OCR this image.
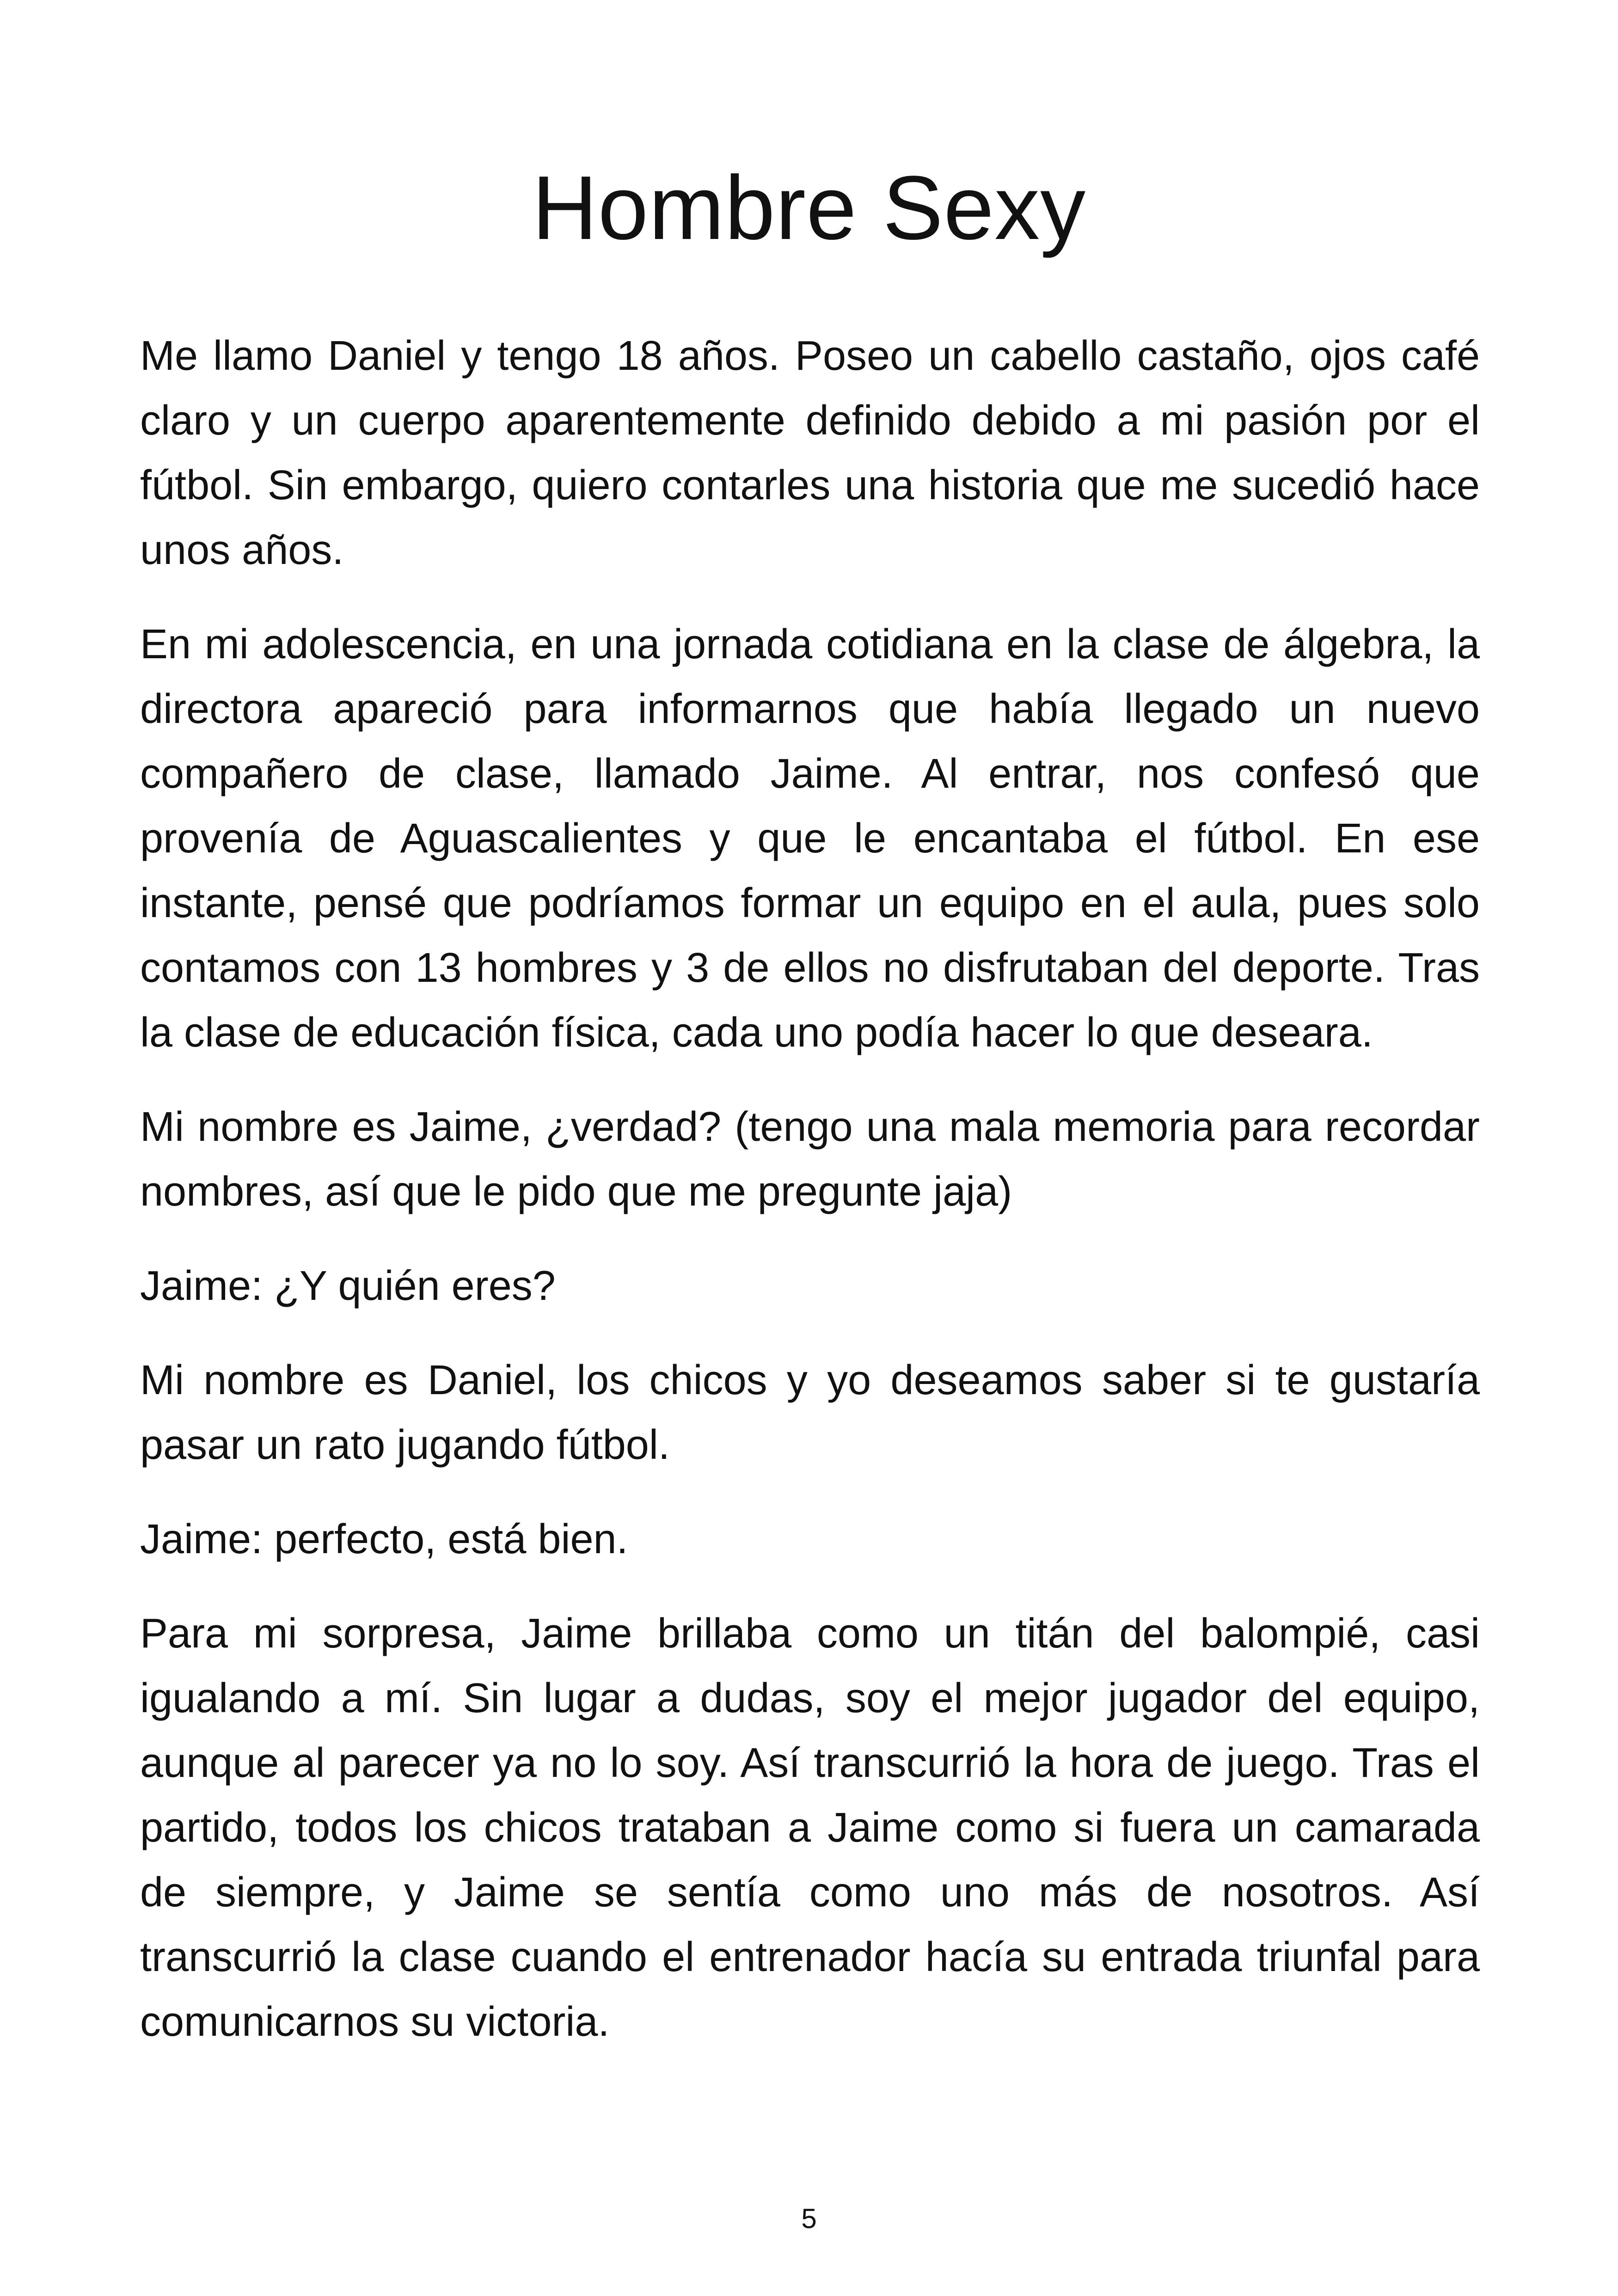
Hombre Sexy

Me llamo Daniel y tengo 18 años. Poseo un cabello castaño, ojos café claro y un cuerpo aparentemente definido debido a mi pasión por el fútbol. Sin embargo, quiero contarles una historia que me sucedió hace unos años.

En mi adolescencia, en una jornada cotidiana en la clase de álgebra, la directora apareció para informarnos que había llegado un nuevo compañero de clase, llamado Jaime. Al entrar, nos confesó que provenía de Aguascalientes y que le encantaba el fútbol. En ese instante, pensé que podríamos formar un equipo en el aula, pues solo contamos con 13 hombres y 3 de ellos no disfrutaban del deporte. Tras la clase de educación física, cada uno podía hacer lo que deseara.

Mi nombre es Jaime, ¿verdad? (tengo una mala memoria para recordar nombres, así que le pido que me pregunte jaja)

Jaime: ¿Y quién eres?

Mi nombre es Daniel, los chicos y yo deseamos saber si te gustaría pasar un rato jugando fútbol.

Jaime: perfecto, está bien.

Para mi sorpresa, Jaime brillaba como un titán del balompié, casi igualando a mí. Sin lugar a dudas, soy el mejor jugador del equipo, aunque al parecer ya no lo soy. Así transcurrió la hora de juego. Tras el partido, todos los chicos trataban a Jaime como si fuera un camarada de siempre, y Jaime se sentía como uno más de nosotros. Así transcurrió la clase cuando el entrenador hacía su entrada triunfal para comunicarnos su victoria.

5
